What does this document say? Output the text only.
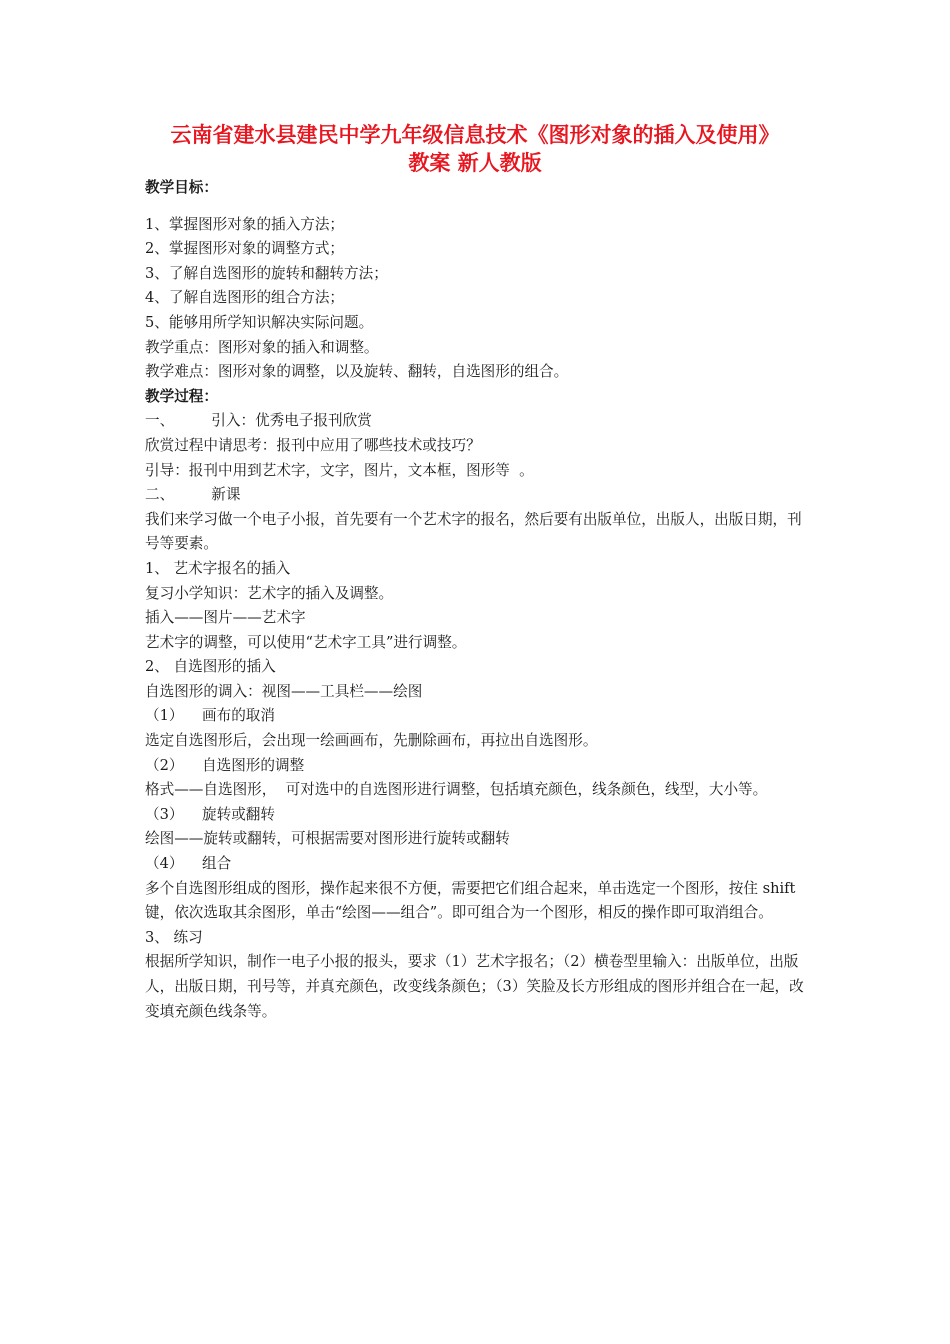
云南省建水县建民中学九年级信息技术《图形对象的插入及使用》
教案 新人教版

教学目标：

1、掌握图形对象的插入方法；

2、掌握图形对象的调整方式；

3、了解自选图形的旋转和翻转方法；

4、了解自选图形的组合方法；

5、能够用所学知识解决实际问题。

教学重点：图形对象的插入和调整。

教学难点：图形对象的调整，以及旋转、翻转，自选图形的组合。

教学过程：

一、        引入：优秀电子报刊欣赏

欣赏过程中请思考：报刊中应用了哪些技术或技巧？

引导：报刊中用到艺术字，文字，图片，文本框，图形等  。

二、        新课

我们来学习做一个电子小报，首先要有一个艺术字的报名，然后要有出版单位，出版人，出版日期，刊号等要素。

1、 艺术字报名的插入

复习小学知识：艺术字的插入及调整。

插入——图片——艺术字

艺术字的调整，可以使用“艺术字工具”进行调整。

2、 自选图形的插入

自选图形的调入：视图——工具栏——绘图

（1）    画布的取消

选定自选图形后，会出现一绘画画布，先删除画布，再拉出自选图形。

（2）    自选图形的调整

格式——自选图形，  可对选中的自选图形进行调整，包括填充颜色，线条颜色，线型，大小等。

（3）    旋转或翻转

绘图——旋转或翻转，可根据需要对图形进行旋转或翻转

（4）    组合

多个自选图形组成的图形，操作起来很不方便，需要把它们组合起来，单击选定一个图形，按住 shift 键，依次选取其余图形，单击“绘图——组合”。即可组合为一个图形，相反的操作即可取消组合。

3、 练习

根据所学知识，制作一电子小报的报头，要求（1）艺术字报名；（2）横卷型里输入：出版单位，出版人，出版日期，刊号等，并真充颜色，改变线条颜色；（3）笑脸及长方形组成的图形并组合在一起，改变填充颜色线条等。
